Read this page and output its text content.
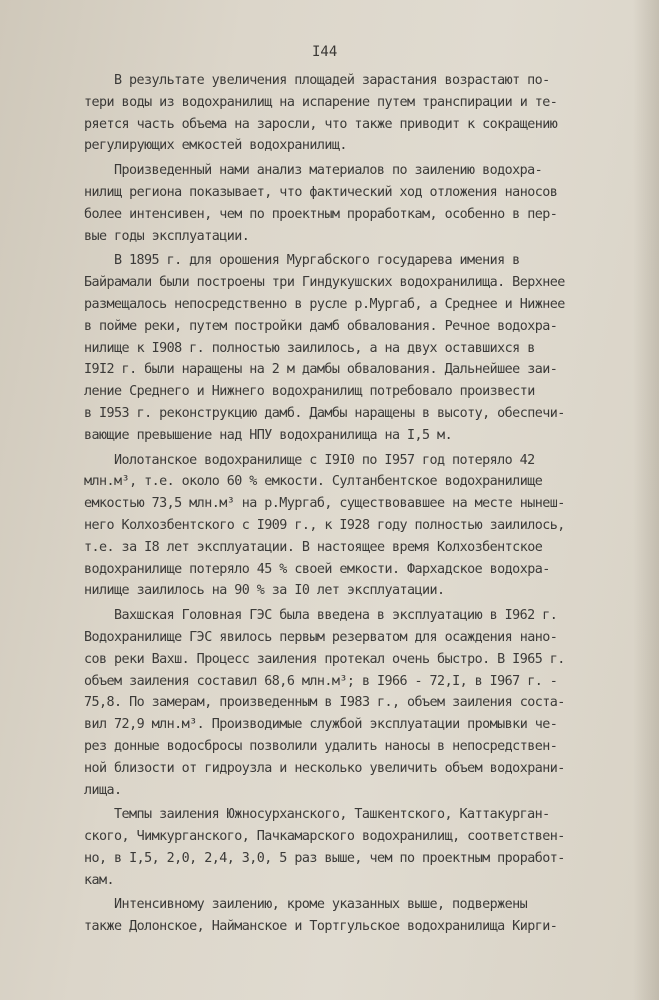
I44

В результате увеличения площадей зарастания возрастают по-
тери воды из водохранилищ на испарение путем транспирации и те-
ряется часть объема на заросли, что также приводит к сокращению
регулирующих емкостей водохранилищ.

Произведенный нами анализ материалов по заилению водохра-
нилищ региона показывает, что фактический ход отложения наносов
более интенсивен, чем по проектным проработкам, особенно в пер-
вые годы эксплуатации.

В 1895 г. для орошения Мургабского государева имения в
Байрамали были построены три Гиндукушских водохранилища. Верхнее
размещалось непосредственно в русле р.Мургаб, а Среднее и Нижнее
в пойме реки, путем постройки дамб обвалования. Речное водохра-
нилище к I908 г. полностью заилилось, а на двух оставшихся в
I9I2 г. были наращены на 2 м дамбы обвалования. Дальнейшее заи-
ление Среднего и Нижнего водохранилищ потребовало произвести
в I953 г. реконструкцию дамб. Дамбы наращены в высоту, обеспечи-
вающие превышение над НПУ водохранилища на I,5 м.

Иолотанское водохранилище с I9I0 по I957 год потеряло 42
млн.м³, т.е. около 60 % емкости. Султанбентское водохранилище
емкостью 73,5 млн.м³ на р.Мургаб, существовавшее на месте нынеш-
него Колхозбентского с I909 г., к I928 году полностью заилилось,
т.е. за I8 лет эксплуатации. В настоящее время Колхозбентское
водохранилище потеряло 45 % своей емкости. Фархадское водохра-
нилище заилилось на 90 % за I0 лет эксплуатации.

Вахшская Головная ГЭС была введена в эксплуатацию в I962 г.
Водохранилище ГЭС явилось первым резерватом для осаждения нано-
сов реки Вахш. Процесс заиления протекал очень быстро. В I965 г.
объем заиления составил 68,6 млн.м³; в I966 - 72,I, в I967 г. -
75,8. По замерам, произведенным в I983 г., объем заиления соста-
вил 72,9 млн.м³. Производимые службой эксплуатации промывки че-
рез донные водосбросы позволили удалить наносы в непосредствен-
ной близости от гидроузла и несколько увеличить объем водохрани-
лища.

Темпы заиления Южносурханского, Ташкентского, Каттакурган-
ского, Чимкурганского, Пачкамарского водохранилищ, соответствен-
но, в I,5, 2,0, 2,4, 3,0, 5 раз выше, чем по проектным проработ-
кам.

Интенсивному заилению, кроме указанных выше, подвержены
также Долонское, Найманское и Тортгульское водохранилища Кирги-
